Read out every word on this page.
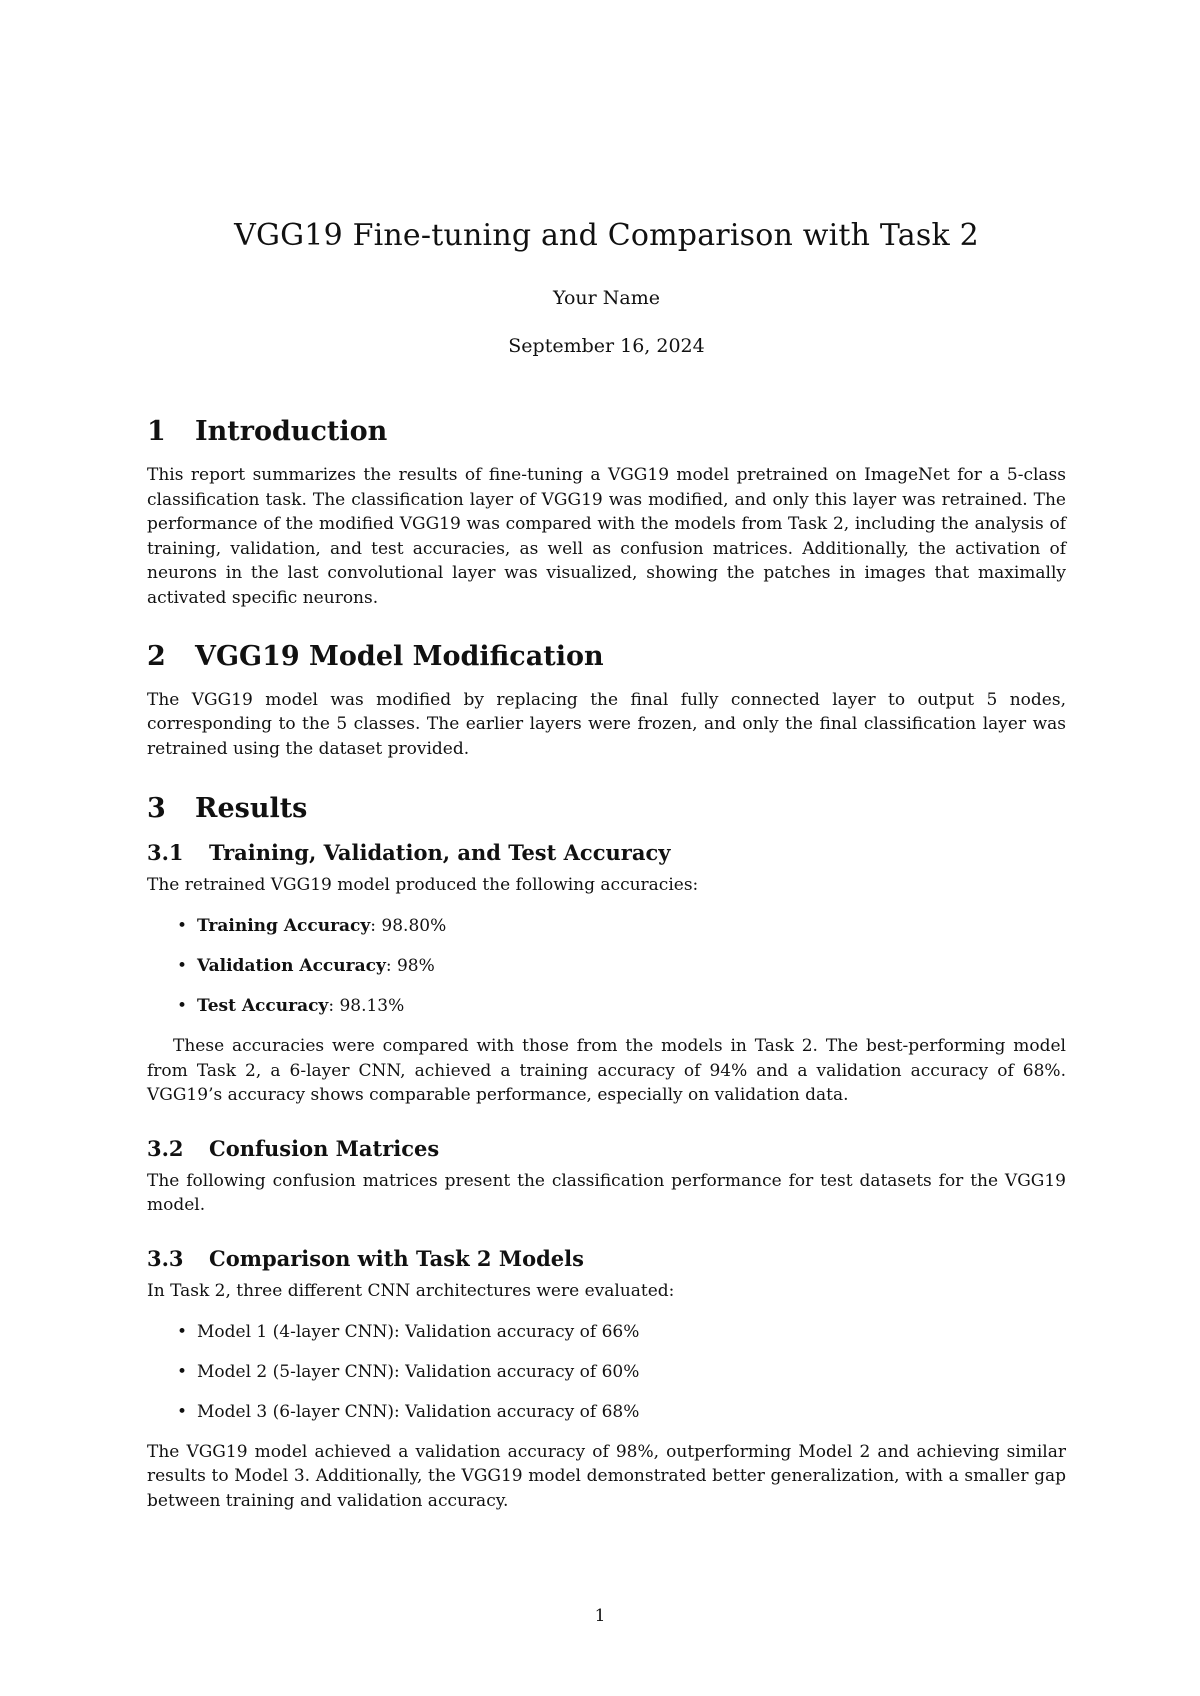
VGG19 Fine-tuning and Comparison with Task 2
Your Name
September 16, 2024
1	Introduction

This report summarizes the results of fine-tuning a VGG19 model pretrained on ImageNet for a 5-class classification task. The classification layer of VGG19 was modified, and only this layer was retrained. The performance of the modified VGG19 was compared with the models from Task 2, including the analysis of training, validation, and test accuracies, as well as confusion matrices. Additionally, the activation of neurons in the last convolutional layer was visualized, showing the patches in images that maximally activated specific neurons.

2	VGG19 Model Modification

The VGG19 model was modified by replacing the final fully connected layer to output 5 nodes, corresponding to the 5 classes. The earlier layers were frozen, and only the final classification layer was retrained using the dataset provided.

3	Results
3.1	Training, Validation, and Test Accuracy

The retrained VGG19 model produced the following accuracies:

• Training Accuracy: 98.80%
• Validation Accuracy: 98%
• Test Accuracy: 98.13%

These accuracies were compared with those from the models in Task 2. The best-performing model from Task 2, a 6-layer CNN, achieved a training accuracy of 94% and a validation accuracy of 68%. VGG19’s accuracy shows comparable performance, especially on validation data.

3.2	Confusion Matrices

The following confusion matrices present the classification performance for test datasets for the VGG19 model.

3.3	Comparison with Task 2 Models

In Task 2, three different CNN architectures were evaluated:

• Model 1 (4-layer CNN): Validation accuracy of 66%
• Model 2 (5-layer CNN): Validation accuracy of 60%
• Model 3 (6-layer CNN): Validation accuracy of 68%

The VGG19 model achieved a validation accuracy of 98%, outperforming Model 2 and achieving similar results to Model 3. Additionally, the VGG19 model demonstrated better generalization, with a smaller gap between training and validation accuracy.

1
